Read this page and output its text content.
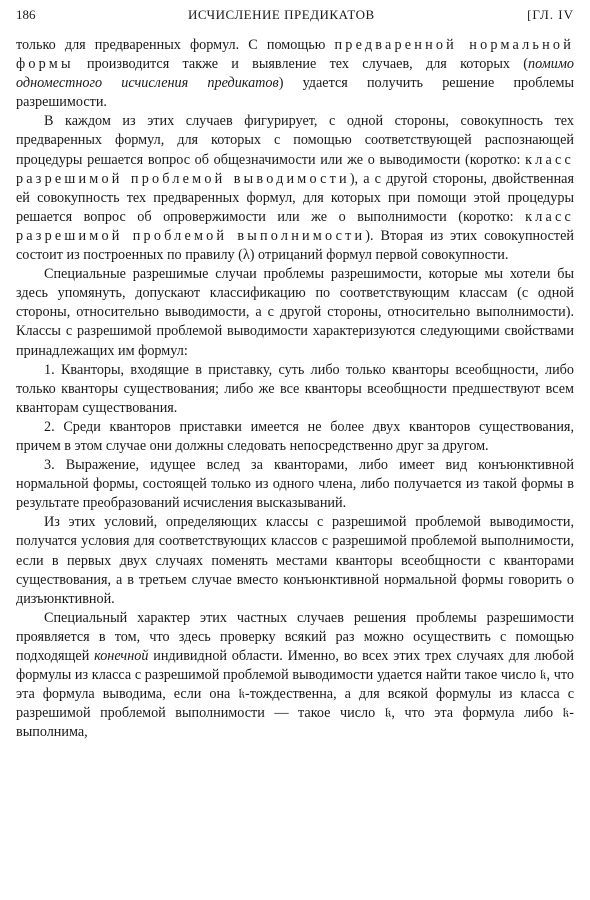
186	ИСЧИСЛЕНИЕ ПРЕДИКАТОВ	[ГЛ. IV

только для предваренных формул. С помощью предваренной нормальной формы производится также и выявление тех случаев, для которых (помимо одноместного исчисления предикатов) удается получить решение проблемы разрешимости.

В каждом из этих случаев фигурирует, с одной стороны, совокупность тех предваренных формул, для которых с помощью соответствующей распознающей процедуры решается вопрос об общезначимости или же о выводимости (коротко: класс разрешимой проблемой выводимости), а с другой стороны, двойственная ей совокупность тех предваренных формул, для которых при помощи этой процедуры решается вопрос об опровержимости или же о выполнимости (коротко: класс разрешимой проблемой выполнимости). Вторая из этих совокупностей состоит из построенных по правилу (λ) отрицаний формул первой совокупности.

Специальные разрешимые случаи проблемы разрешимости, которые мы хотели бы здесь упомянуть, допускают классификацию по соответствующим классам (с одной стороны, относительно выводимости, а с другой стороны, относительно выполнимости). Классы с разрешимой проблемой выводимости характеризуются следующими свойствами принадлежащих им формул:

1. Кванторы, входящие в приставку, суть либо только кванторы всеобщности, либо только кванторы существования; либо же все кванторы всеобщности предшествуют всем кванторам существования.

2. Среди кванторов приставки имеется не более двух кванторов существования, причем в этом случае они должны следовать непосредственно друг за другом.

3. Выражение, идущее вслед за кванторами, либо имеет вид конъюнктивной нормальной формы, состоящей только из одного члена, либо получается из такой формы в результате преобразований исчисления высказываний.

Из этих условий, определяющих классы с разрешимой проблемой выводимости, получатся условия для соответствующих классов с разрешимой проблемой выполнимости, если в первых двух случаях поменять местами кванторы всеобщности с кванторами существования, а в третьем случае вместо конъюнктивной нормальной формы говорить о дизъюнктивной.

Специальный характер этих частных случаев решения проблемы разрешимости проявляется в том, что здесь проверку всякий раз можно осуществить с помощью подходящей конечной индивидной области. Именно, во всех этих трех случаях для любой формулы из класса с разрешимой проблемой выводимости удается найти такое число 𝔨, что эта формула выводима, если она 𝔨-тождественна, а для всякой формулы из класса с разрешимой проблемой выполнимости — такое число 𝔨, что эта формула либо 𝔨-выполнима,
